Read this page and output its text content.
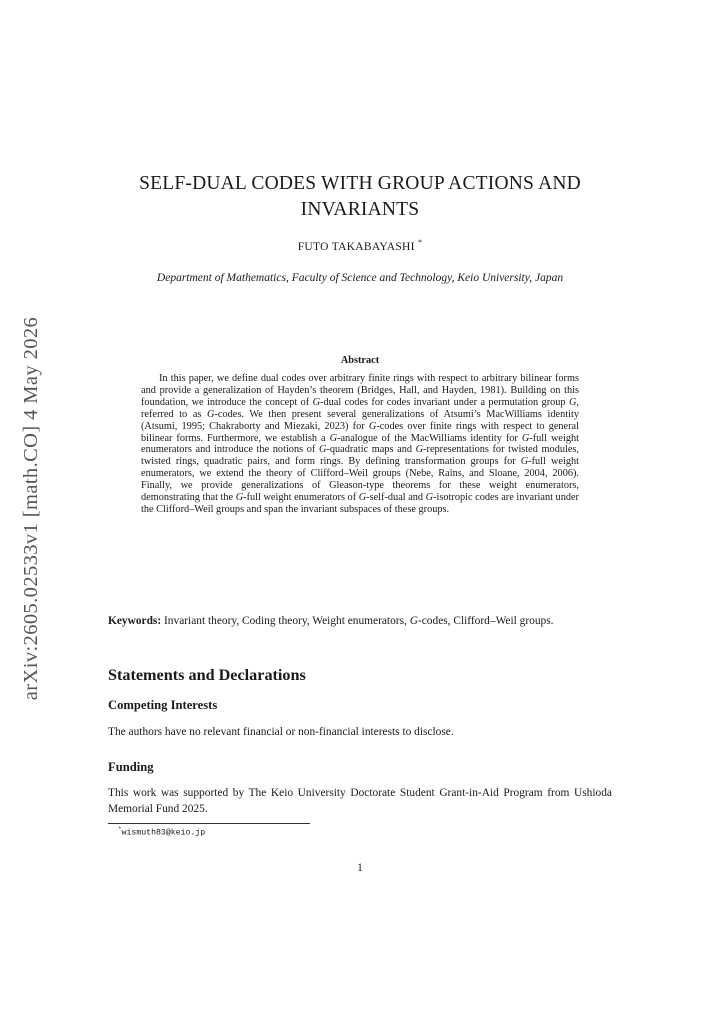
arXiv:2605.02533v1 [math.CO] 4 May 2026
SELF-DUAL CODES WITH GROUP ACTIONS AND INVARIANTS
FUTO TAKABAYASHI *
Department of Mathematics, Faculty of Science and Technology, Keio University, Japan
Abstract

In this paper, we define dual codes over arbitrary finite rings with respect to arbitrary bilinear forms and provide a generalization of Hayden’s theorem (Bridges, Hall, and Hayden, 1981). Building on this foundation, we introduce the concept of G-dual codes for codes invariant under a permutation group G, referred to as G-codes. We then present several generalizations of Atsumi’s MacWilliams identity (Atsumi, 1995; Chakraborty and Miezaki, 2023) for G-codes over finite rings with respect to general bilinear forms. Furthermore, we establish a G-analogue of the MacWilliams identity for G-full weight enumerators and introduce the notions of G-quadratic maps and G-representations for twisted modules, twisted rings, quadratic pairs, and form rings. By defining transformation groups for G-full weight enumerators, we extend the theory of Clifford–Weil groups (Nebe, Rains, and Sloane, 2004, 2006). Finally, we provide generalizations of Gleason-type theorems for these weight enumerators, demonstrating that the G-full weight enumerators of G-self-dual and G-isotropic codes are invariant under the Clifford–Weil groups and span the invariant subspaces of these groups.

Keywords: Invariant theory, Coding theory, Weight enumerators, G-codes, Clifford–Weil groups.

Statements and Declarations
Competing Interests

The authors have no relevant financial or non-financial interests to disclose.

Funding

This work was supported by The Keio University Doctorate Student Grant-in-Aid Program from Ushioda Memorial Fund 2025.

*wismuth83@keio.jp
1
